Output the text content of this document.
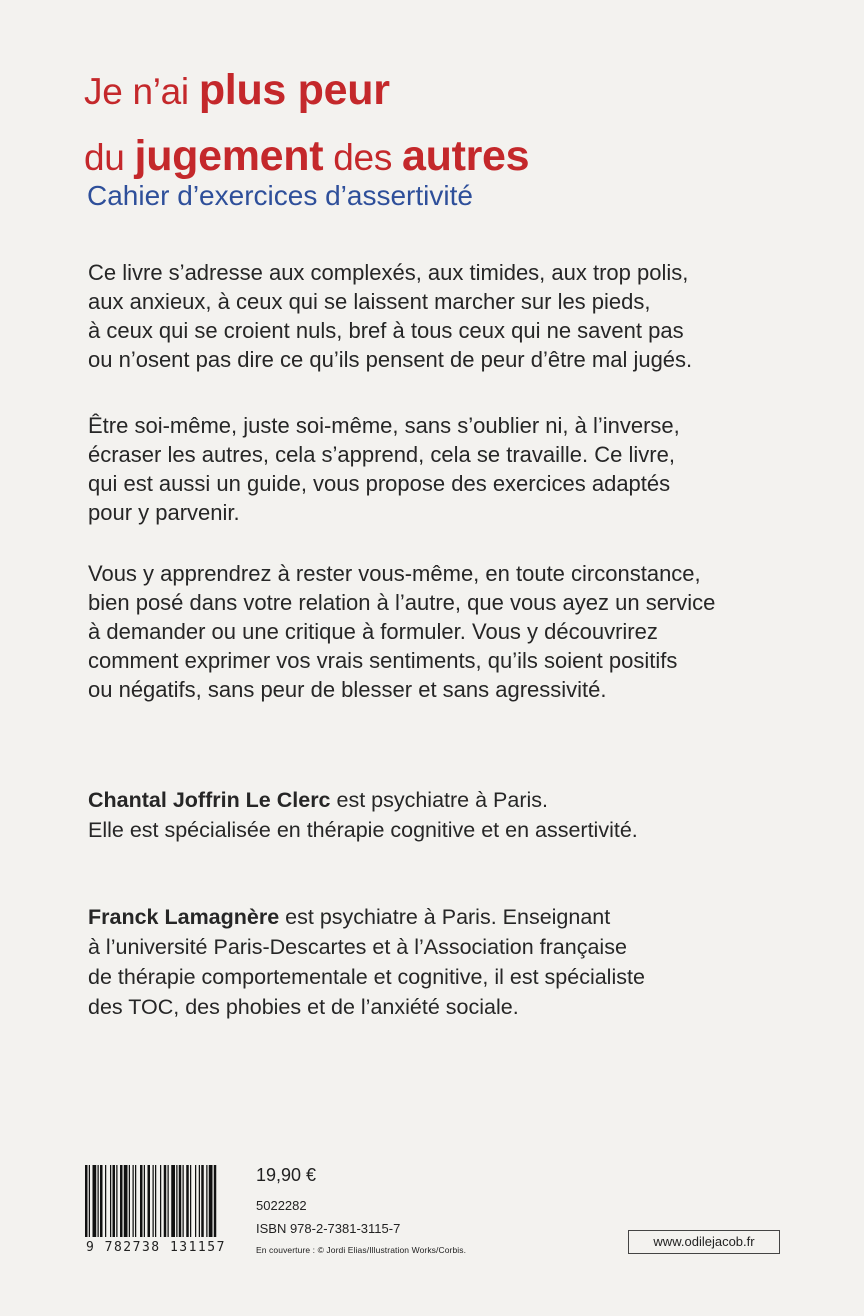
Je n’ai plus peur
du jugement des autres
Cahier d’exercices d’assertivité
Ce livre s’adresse aux complexés, aux timides, aux trop polis,
aux anxieux, à ceux qui se laissent marcher sur les pieds,
à ceux qui se croient nuls, bref à tous ceux qui ne savent pas
ou n’osent pas dire ce qu’ils pensent de peur d’être mal jugés.
Être soi-même, juste soi-même, sans s’oublier ni, à l’inverse,
écraser les autres, cela s’apprend, cela se travaille. Ce livre,
qui est aussi un guide, vous propose des exercices adaptés
pour y parvenir.
Vous y apprendrez à rester vous-même, en toute circonstance,
bien posé dans votre relation à l’autre, que vous ayez un service
à demander ou une critique à formuler. Vous y découvrirez
comment exprimer vos vrais sentiments, qu’ils soient positifs
ou négatifs, sans peur de blesser et sans agressivité.
Chantal Joffrin Le Clerc est psychiatre à Paris.
Elle est spécialisée en thérapie cognitive et en assertivité.
Franck Lamagnère est psychiatre à Paris. Enseignant
à l’université Paris-Descartes et à l’Association française
de thérapie comportementale et cognitive, il est spécialiste
des TOC, des phobies et de l’anxiété sociale.
9 782738 131157
19,90 €
5022282
ISBN 978-2-7381-3115-7
En couverture : © Jordi Elias/Illustration Works/Corbis.
www.odilejacob.fr
